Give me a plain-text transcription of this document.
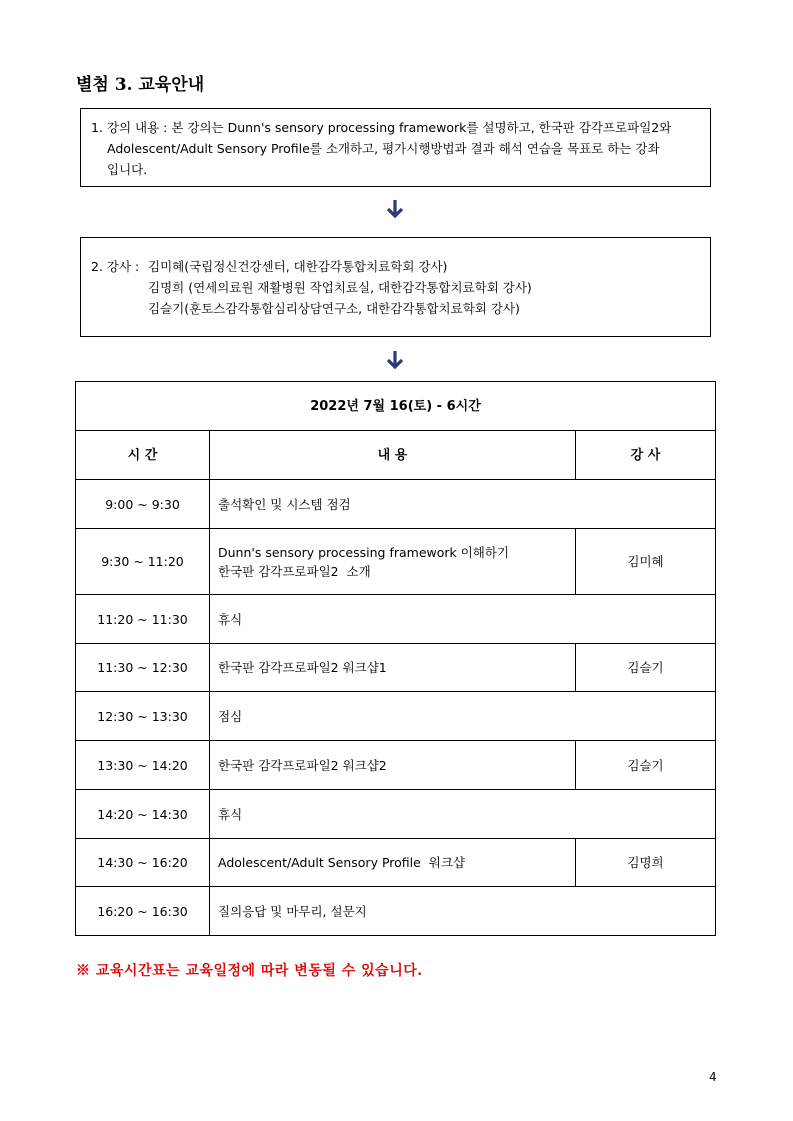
별첨 3. 교육안내
1. 강의 내용 : 본 강의는 Dunn's sensory processing framework를 설명하고, 한국판 감각프로파일2와
Adolescent/Adult Sensory Profile를 소개하고, 평가시행방법과 결과 해석 연습을 목표로 하는 강좌
입니다.
2. 강사 : 김미혜(국립정신건강센터, 대한감각통합치료학회 강사)
김명희 (연세의료원 재활병원 작업치료실, 대한감각통합치료학회 강사)
김슬기(훈토스감각통합심리상담연구소, 대한감각통합치료학회 강사)
2022년 7월 16(토) - 6시간		
시 간	내 용	강 사
9:00 ~ 9:30	출석확인 및 시스템 점검	
9:30 ~ 11:20	Dunn's sensory processing framework 이해하기
한국판 감각프로파일2  소개	김미혜
11:20 ~ 11:30	휴식	
11:30 ~ 12:30	한국판 감각프로파일2 워크샵1	김슬기
12:30 ~ 13:30	점심	
13:30 ~ 14:20	한국판 감각프로파일2 워크샵2	김슬기
14:20 ~ 14:30	휴식	
14:30 ~ 16:20	Adolescent/Adult Sensory Profile  워크샵	김명희
16:20 ~ 16:30	질의응답 및 마무리, 설문지	
※ 교육시간표는 교육일정에 따라 변동될 수 있습니다.
4
